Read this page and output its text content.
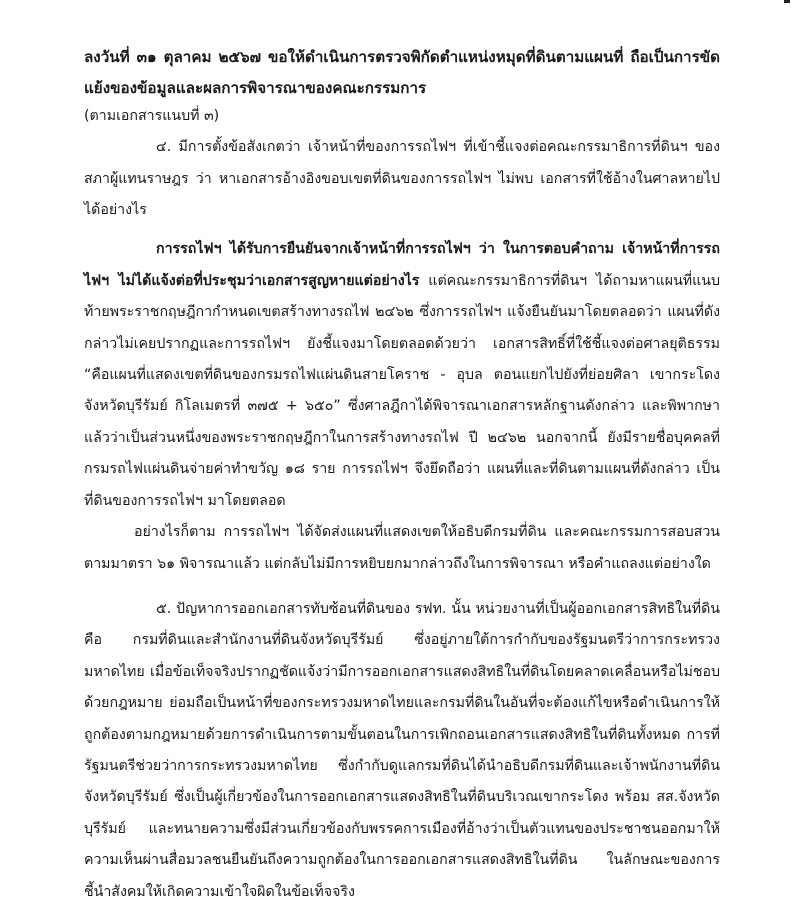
ลงวันที่ ๓๑ ตุลาคม ๒๕๖๗ ขอให้ดำเนินการตรวจพิกัดตำแหน่งหมุดที่ดินตามแผนที่ ถือเป็นการขัดแย้งของข้อมูลและผลการพิจารณาของคณะกรรมการ

(ตามเอกสารแนบที่ ๓)

๔. มีการตั้งข้อสังเกตว่า เจ้าหน้าที่ของการรถไฟฯ ที่เข้าชี้แจงต่อคณะกรรมาธิการที่ดินฯ ของสภาผู้แทนราษฎร ว่า หาเอกสารอ้างอิงขอบเขตที่ดินของการรถไฟฯ ไม่พบ เอกสารที่ใช้อ้างในศาลหายไปได้อย่างไร

การรถไฟฯ ได้รับการยืนยันจากเจ้าหน้าที่การรถไฟฯ ว่า ในการตอบคำถาม เจ้าหน้าที่การรถไฟฯ ไม่ได้แจ้งต่อที่ประชุมว่าเอกสารสูญหายแต่อย่างไร แต่คณะกรรมาธิการที่ดินฯ ได้ถามหาแผนที่แนบท้ายพระราชกฤษฎีกากำหนดเขตสร้างทางรถไฟ ๒๔๖๒ ซึ่งการรถไฟฯ แจ้งยืนยันมาโดยตลอดว่า แผนที่ดังกล่าวไม่เคยปรากฏและการรถไฟฯ ยังชี้แจงมาโดยตลอดด้วยว่า เอกสารสิทธิ์ที่ใช้ชี้แจงต่อศาลยุติธรรม “คือแผนที่แสดงเขตที่ดินของกรมรถไฟแผ่นดินสายโคราช - อุบล ตอนแยกไปยังที่ย่อยศิลา เขากระโดง จังหวัดบุรีรัมย์ กิโลเมตรที่ ๓๗๕ + ๖๕๐” ซึ่งศาลฎีกาได้พิจารณาเอกสารหลักฐานดังกล่าว และพิพากษาแล้วว่าเป็นส่วนหนึ่งของพระราชกฤษฎีกาในการสร้างทางรถไฟ ปี ๒๔๖๒ นอกจากนี้ ยังมีรายชื่อบุคคลที่กรมรถไฟแผ่นดินจ่ายค่าทำขวัญ ๑๘ ราย การรถไฟฯ จึงยึดถือว่า แผนที่และที่ดินตามแผนที่ดังกล่าว เป็นที่ดินของการรถไฟฯ มาโดยตลอด

อย่างไรก็ตาม การรถไฟฯ ได้จัดส่งแผนที่แสดงเขตให้อธิบดีกรมที่ดิน และคณะกรรมการสอบสวนตามมาตรา ๖๑ พิจารณาแล้ว แต่กลับไม่มีการหยิบยกมากล่าวถึงในการพิจารณา หรือคำแถลงแต่อย่างใด

๕. ปัญหาการออกเอกสารทับซ้อนที่ดินของ รฟท. นั้น หน่วยงานที่เป็นผู้ออกเอกสารสิทธิในที่ดิน คือ กรมที่ดินและสำนักงานที่ดินจังหวัดบุรีรัมย์ ซึ่งอยู่ภายใต้การกำกับของรัฐมนตรีว่าการกระทรวงมหาดไทย เมื่อข้อเท็จจริงปรากฏชัดแจ้งว่ามีการออกเอกสารแสดงสิทธิในที่ดินโดยคลาดเคลื่อนหรือไม่ชอบด้วยกฎหมาย ย่อมถือเป็นหน้าที่ของกระทรวงมหาดไทยและกรมที่ดินในอันที่จะต้องแก้ไขหรือดำเนินการให้ถูกต้องตามกฎหมายด้วยการดำเนินการตามขั้นตอนในการเพิกถอนเอกสารแสดงสิทธิในที่ดินทั้งหมด การที่รัฐมนตรีช่วยว่าการกระทรวงมหาดไทย ซึ่งกำกับดูแลกรมที่ดินได้นำอธิบดีกรมที่ดินและเจ้าพนักงานที่ดินจังหวัดบุรีรัมย์ ซึ่งเป็นผู้เกี่ยวข้องในการออกเอกสารแสดงสิทธิในที่ดินบริเวณเขากระโดง พร้อม สส.จังหวัดบุรีรัมย์ และทนายความซึ่งมีส่วนเกี่ยวข้องกับพรรคการเมืองที่อ้างว่าเป็นตัวแทนของประชาชนออกมาให้ความเห็นผ่านสื่อมวลชนยืนยันถึงความถูกต้องในการออกเอกสารแสดงสิทธิในที่ดิน ในลักษณะของการชี้นำสังคมให้เกิดความเข้าใจผิดในข้อเท็จจริง
